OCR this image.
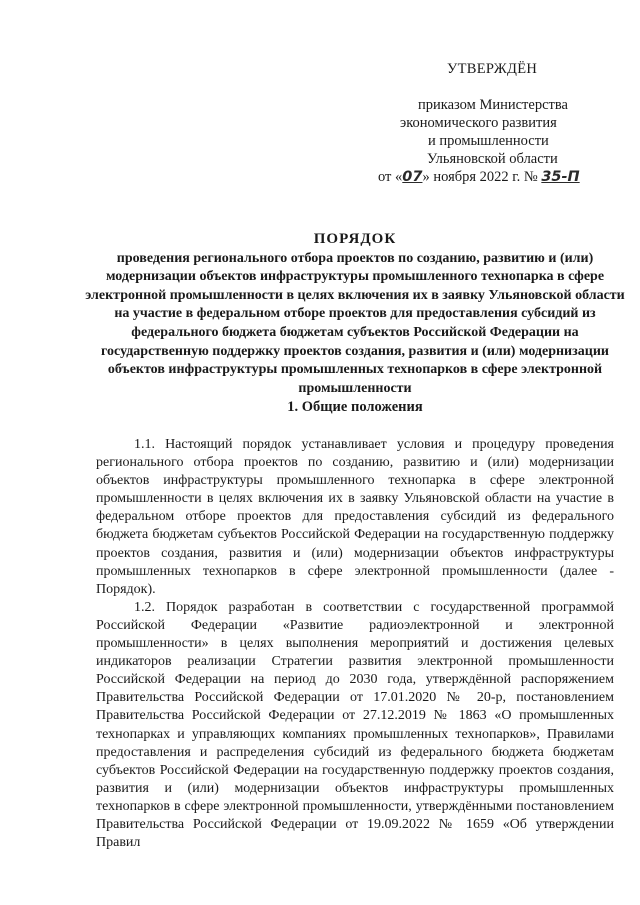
УТВЕРЖДЁН
приказом Министерства
экономического развития
и промышленности
Ульяновской области
от «07» ноября 2022 г. № 35-П
ПОРЯДОК

проведения регионального отбора проектов по созданию, развитию и (или) модернизации объектов инфраструктуры промышленного технопарка в сфере электронной промышленности в целях включения их в заявку Ульяновской области на участие в федеральном отборе проектов для предоставления субсидий из федерального бюджета бюджетам субъектов Российской Федерации на государственную поддержку проектов создания, развития и (или) модернизации объектов инфраструктуры промышленных технопарков в сфере электронной промышленности

1. Общие положения

1.1. Настоящий порядок устанавливает условия и процедуру проведения регионального отбора проектов по созданию, развитию и (или) модернизации объектов инфраструктуры промышленного технопарка в сфере электронной промышленности в целях включения их в заявку Ульяновской области на участие в федеральном отборе проектов для предоставления субсидий из федерального бюджета бюджетам субъектов Российской Федерации на государственную поддержку проектов создания, развития и (или) модернизации объектов инфраструктуры промышленных технопарков в сфере электронной промышленности (далее - Порядок).

1.2. Порядок разработан в соответствии с государственной программой Российской Федерации «Развитие радиоэлектронной и электронной промышленности» в целях выполнения мероприятий и достижения целевых индикаторов реализации Стратегии развития электронной промышленности Российской Федерации на период до 2030 года, утверждённой распоряжением Правительства Российской Федерации от 17.01.2020 № 20-р, постановлением Правительства Российской Федерации от 27.12.2019 № 1863 «О промышленных технопарках и управляющих компаниях промышленных технопарков», Правилами предоставления и распределения субсидий из федерального бюджета бюджетам субъектов Российской Федерации на государственную поддержку проектов создания, развития и (или) модернизации объектов инфраструктуры промышленных технопарков в сфере электронной промышленности, утверждёнными постановлением Правительства Российской Федерации от 19.09.2022 № 1659 «Об утверждении Правил
